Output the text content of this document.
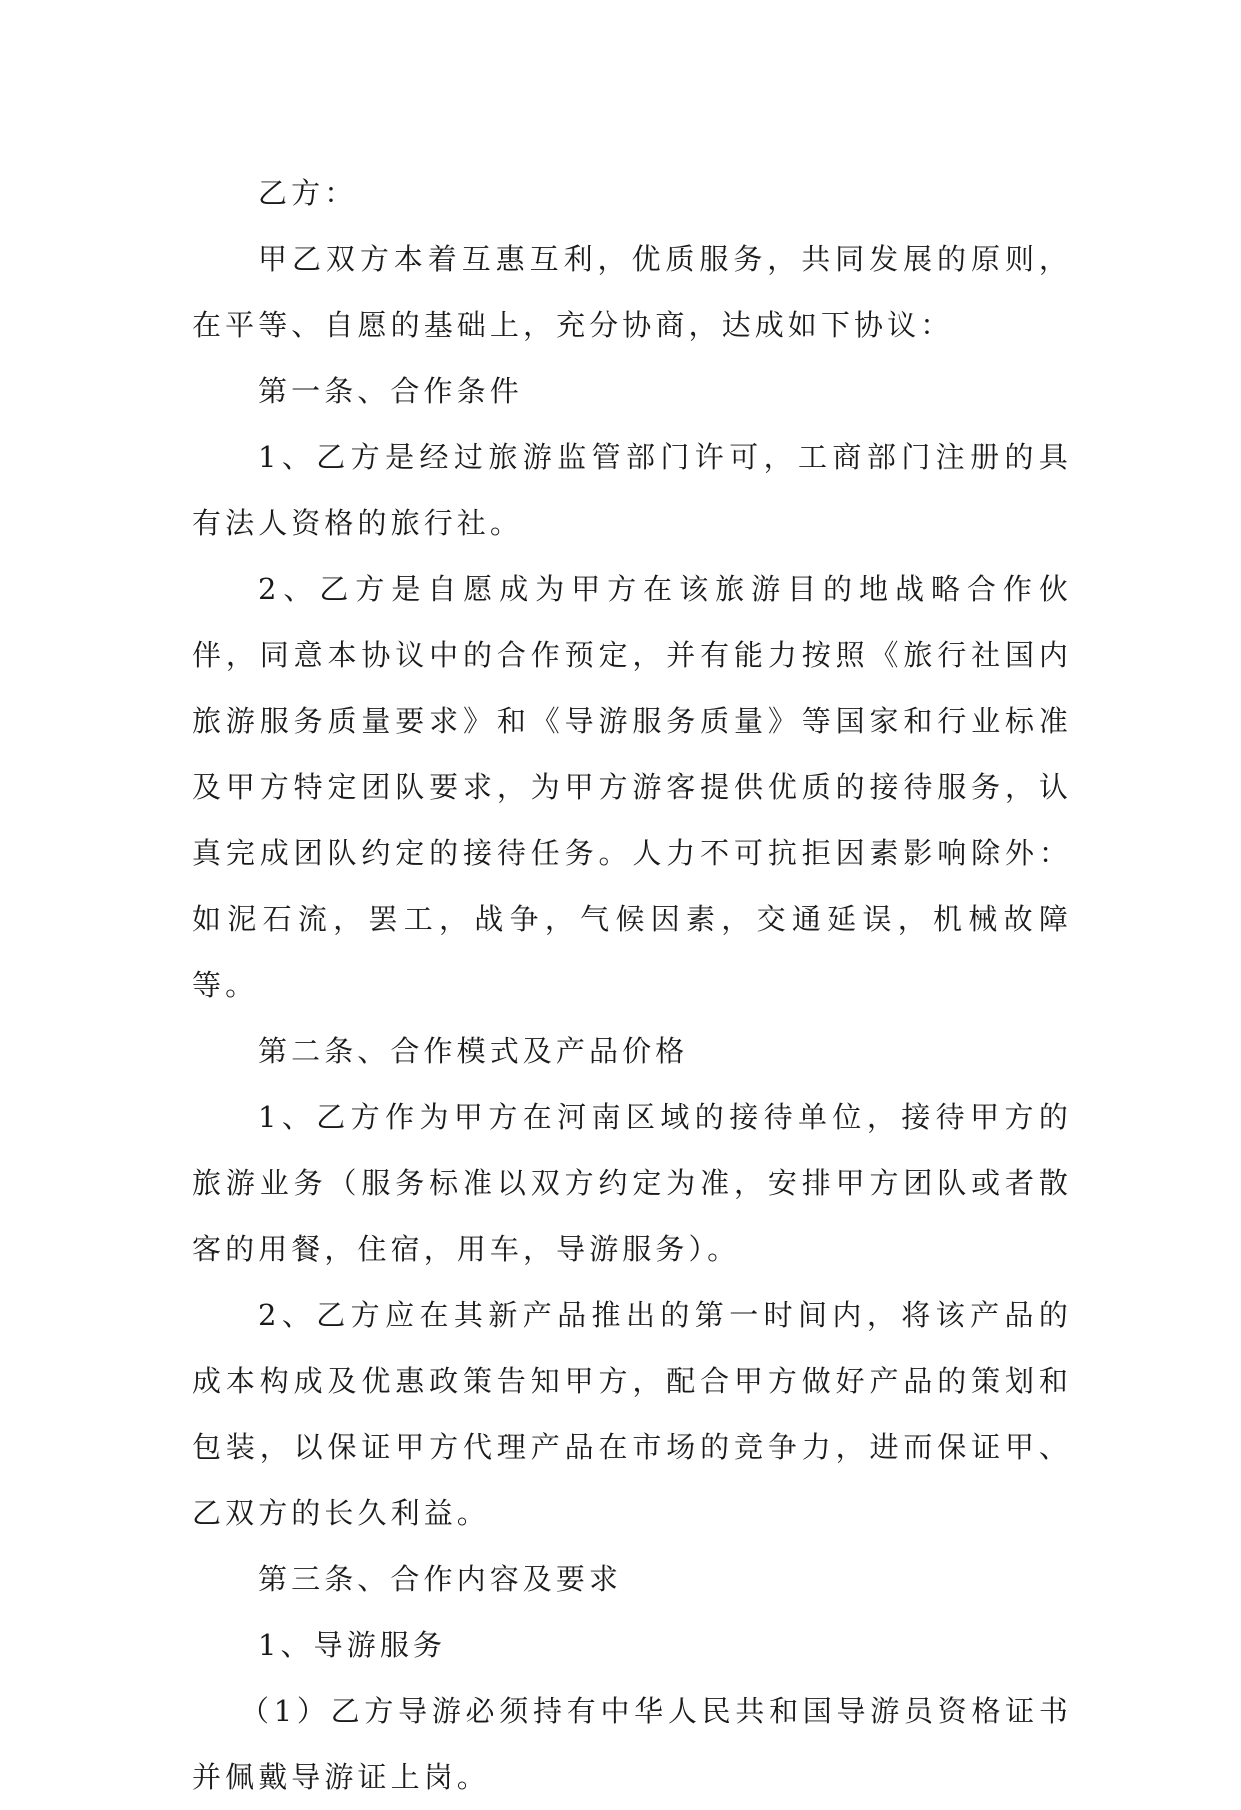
乙方：

甲乙双方本着互惠互利，优质服务，共同发展的原则，在平等、自愿的基础上，充分协商，达成如下协议：

第一条、合作条件

1、乙方是经过旅游监管部门许可，工商部门注册的具有法人资格的旅行社。

2、乙方是自愿成为甲方在该旅游目的地战略合作伙伴，同意本协议中的合作预定，并有能力按照《旅行社国内旅游服务质量要求》和《导游服务质量》等国家和行业标准及甲方特定团队要求，为甲方游客提供优质的接待服务，认真完成团队约定的接待任务。人力不可抗拒因素影响除外：如泥石流，罢工，战争，气候因素，交通延误，机械故障等。

第二条、合作模式及产品价格

1、乙方作为甲方在河南区域的接待单位，接待甲方的旅游业务（服务标准以双方约定为准，安排甲方团队或者散客的用餐，住宿，用车，导游服务）。

2、乙方应在其新产品推出的第一时间内，将该产品的成本构成及优惠政策告知甲方，配合甲方做好产品的策划和包装，以保证甲方代理产品在市场的竞争力，进而保证甲、乙双方的长久利益。

第三条、合作内容及要求

1、导游服务

（1）乙方导游必须持有中华人民共和国导游员资格证书并佩戴导游证上岗。
